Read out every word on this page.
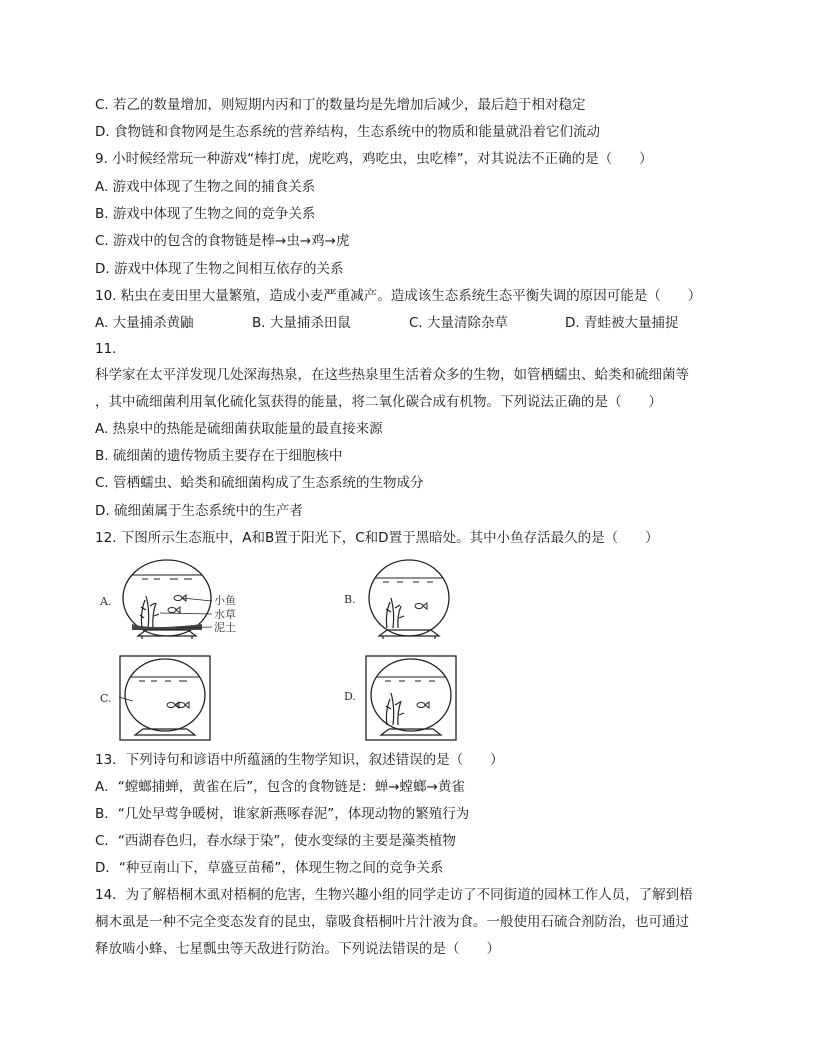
C. 若乙的数量增加，则短期内丙和丁的数量均是先增加后减少，最后趋于相对稳定
D. 食物链和食物网是生态系统的营养结构，生态系统中的物质和能量就沿着它们流动
9. 小时候经常玩一种游戏“棒打虎，虎吃鸡，鸡吃虫，虫吃棒”，对其说法不正确的是（　　）
A. 游戏中体现了生物之间的捕食关系
B. 游戏中体现了生物之间的竞争关系
C. 游戏中的包含的食物链是棒→虫→鸡→虎
D. 游戏中体现了生物之间相互依存的关系
10. 粘虫在麦田里大量繁殖，造成小麦严重减产。造成该生态系统生态平衡失调的原因可能是（　　）
A. 大量捕杀黄鼬	B. 大量捕杀田鼠	C. 大量清除杂草	D. 青蛙被大量捕捉
11.
科学家在太平洋发现几处深海热泉，在这些热泉里生活着众多的生物，如管栖蠕虫、蛤类和硫细菌等
，其中硫细菌利用氧化硫化氢获得的能量，将二氧化碳合成有机物。下列说法正确的是（　　）
A. 热泉中的热能是硫细菌获取能量的最直接来源
B. 硫细菌的遗传物质主要存在于细胞核中
C. 管栖蠕虫、蛤类和硫细菌构成了生态系统的生物成分
D. 硫细菌属于生态系统中的生产者
12. 下图所示生态瓶中，A和B置于阳光下，C和D置于黑暗处。其中小鱼存活最久的是（　　）
A.	小鱼
水草
泥土
B.
C.	D.
13．下列诗句和谚语中所蕴涵的生物学知识，叙述错误的是（　　）
A．“螳螂捕蝉，黄雀在后”，包含的食物链是：蝉→螳螂→黄雀
B．“几处早莺争暖树，谁家新燕啄春泥”，体现动物的繁殖行为
C．“西湖春色归，春水绿于染”，使水变绿的主要是藻类植物
D．“种豆南山下，草盛豆苗稀”，体现生物之间的竞争关系
14．为了解梧桐木虱对梧桐的危害，生物兴趣小组的同学走访了不同街道的园林工作人员，了解到梧
桐木虱是一种不完全变态发育的昆虫，靠吸食梧桐叶片汁液为食。一般使用石硫合剂防治，也可通过
释放啮小蜂、七星瓢虫等天敌进行防治。下列说法错误的是（　　）
